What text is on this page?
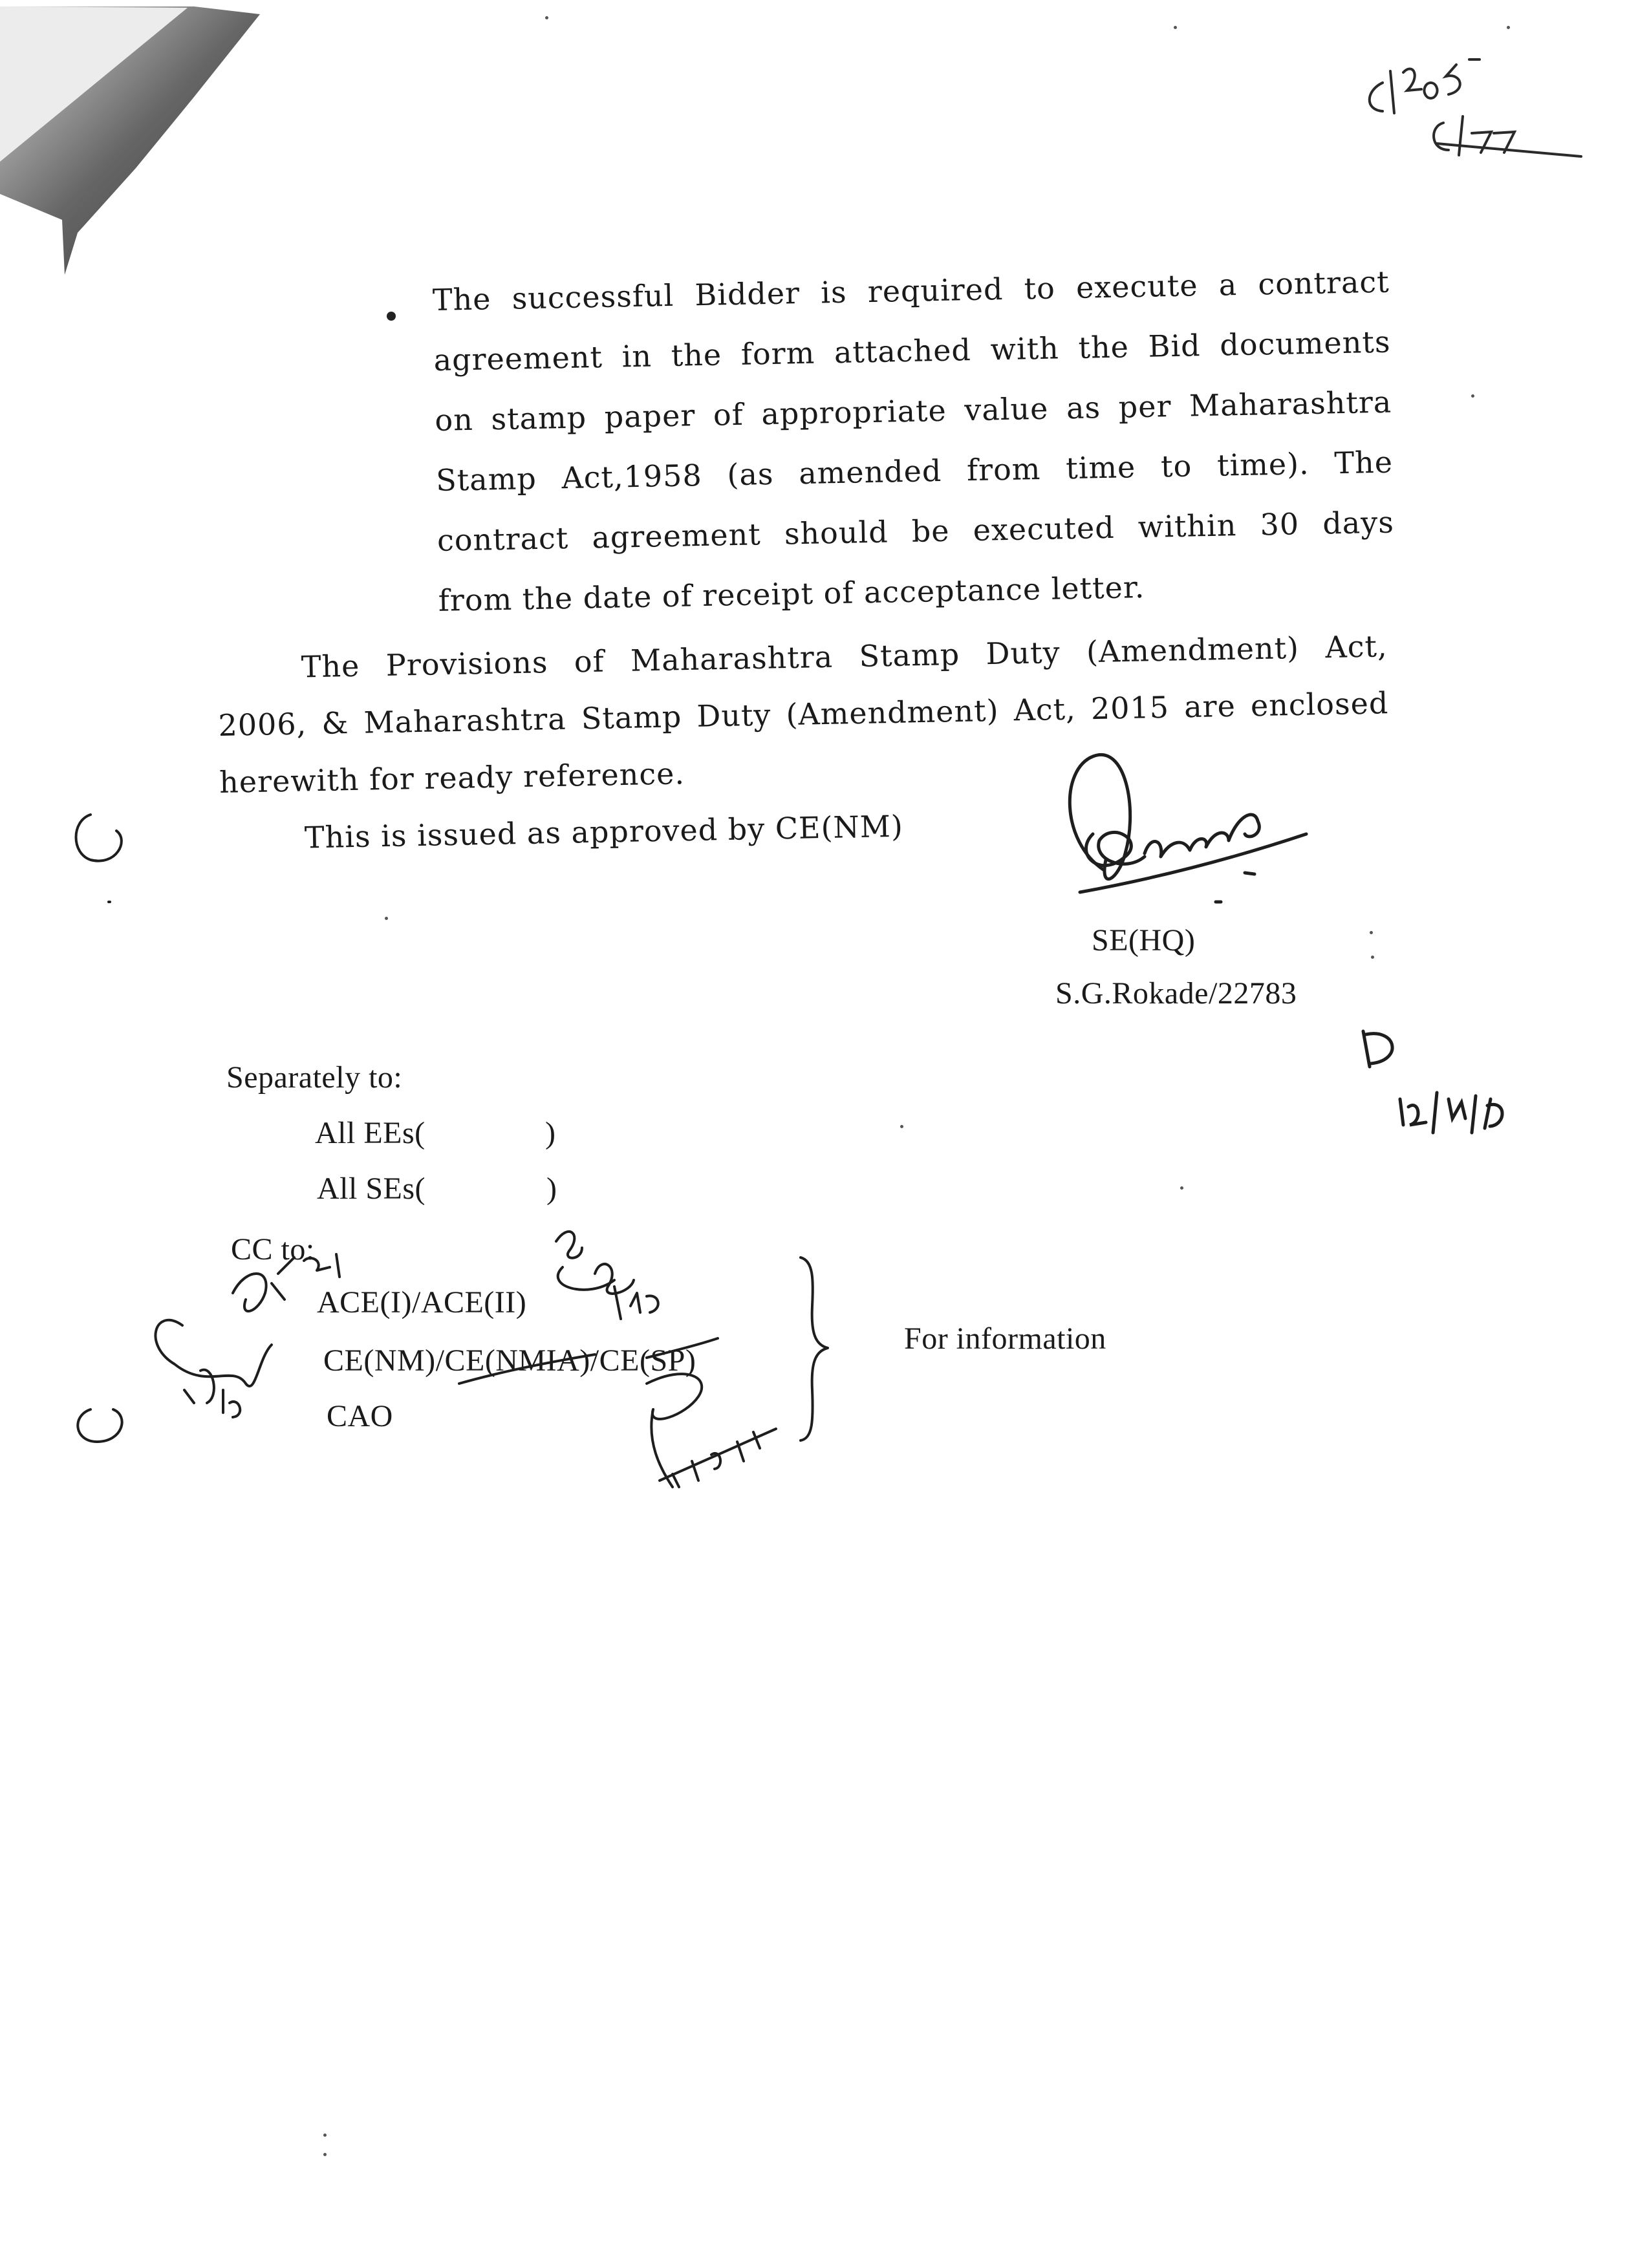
The successful Bidder is required to execute a contract
agreement in the form attached with the Bid documents
on stamp paper of appropriate value as per Maharashtra
Stamp Act,1958 (as amended from time to time). The
contract agreement should be executed within 30 days
from the date of receipt of acceptance letter.
The Provisions of Maharashtra Stamp Duty (Amendment) Act,
2006, & Maharashtra Stamp Duty (Amendment) Act, 2015 are enclosed
herewith for ready reference.
This is issued as approved by CE(NM)
SE(HQ)
S.G.Rokade/22783
Separately to:
All EEs(	)
All SEs(	)
CC to:
ACE(I)/ACE(II)
CE(NM)/CE(NMIA)/CE(SP)
CAO
For information
